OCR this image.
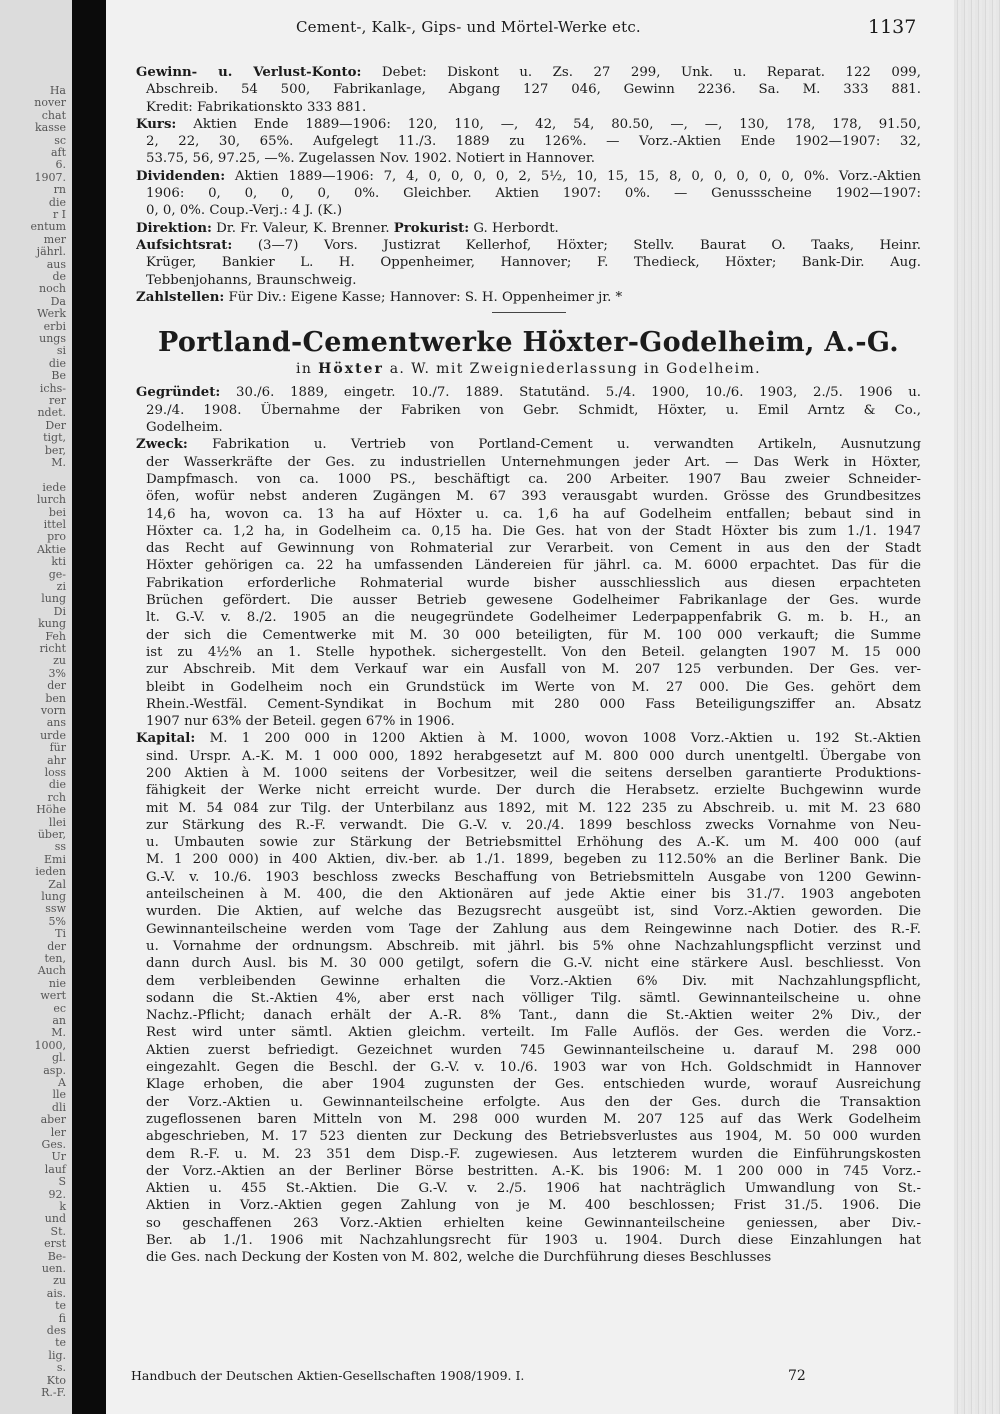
Ha
nover
chat
kasse
sc
aft
6.
1907.
rn
die
r I
entum
mer
jährl.
aus
de
noch
Da
Werk
erbi
ungs
si
die
Be
ichs-
rer
ndet.
Der
tigt,
ber,
M.
iede
lurch
bei
ittel
pro
Aktie
kti
ge-
zi
lung
Di
kung
Feh
richt
zu
3%
der
ben
vorn
ans
urde
für
ahr
loss
die
rch
Höhe
llei
über,
ss
Emi
ieden
Zal
lung
ssw
5%
Ti
der
ten,
Auch
nie
wert
ec
an
M.
1000,
gl.
asp.
A
lle
dli
aber
ler
Ges.
Ur
lauf
S
92.
k
und
St.
erst
Be-
uen.
zu
ais.
te
fi
des
te
lig.
s.
Kto
R.-F.
Cement-, Kalk-, Gips- und Mörtel-Werke etc.	1137
Gewinn- u. Verlust-Konto: Debet: Diskont u. Zs. 27 299, Unk. u. Reparat. 122 099,
Abschreib. 54 500, Fabrikanlage, Abgang 127 046, Gewinn 2236. Sa. M. 333 881.
Kredit: Fabrikationskto 333 881.
Kurs: Aktien Ende 1889—1906: 120, 110, —, 42, 54, 80.50, —, —, 130, 178, 178, 91.50,
2, 22, 30, 65%. Aufgelegt 11./3. 1889 zu 126%. — Vorz.-Aktien Ende 1902—1907: 32,
53.75, 56, 97.25, —%. Zugelassen Nov. 1902. Notiert in Hannover.
Dividenden: Aktien 1889—1906: 7, 4, 0, 0, 0, 0, 2, 5½, 10, 15, 15, 8, 0, 0, 0, 0, 0, 0%. Vorz.-Aktien
1906: 0, 0, 0, 0, 0%. Gleichber. Aktien 1907: 0%. — Genussscheine 1902—1907:
0, 0, 0%. Coup.-Verj.: 4 J. (K.)
Direktion: Dr. Fr. Valeur, K. Brenner. Prokurist: G. Herbordt.
Aufsichtsrat: (3—7) Vors. Justizrat Kellerhof, Höxter; Stellv. Baurat O. Taaks, Heinr.
Krüger, Bankier L. H. Oppenheimer, Hannover; F. Thedieck, Höxter; Bank-Dir. Aug.
Tebbenjohanns, Braunschweig.
Zahlstellen: Für Div.: Eigene Kasse; Hannover: S. H. Oppenheimer jr. *
Portland-Cementwerke Höxter-Godelheim, A.-G.
in Höxter a. W. mit Zweigniederlassung in Godelheim.
Gegründet: 30./6. 1889, eingetr. 10./7. 1889. Statutänd. 5./4. 1900, 10./6. 1903, 2./5. 1906 u.
29./4. 1908. Übernahme der Fabriken von Gebr. Schmidt, Höxter, u. Emil Arntz & Co.,
Godelheim.
Zweck: Fabrikation u. Vertrieb von Portland-Cement u. verwandten Artikeln, Ausnutzung
der Wasserkräfte der Ges. zu industriellen Unternehmungen jeder Art. — Das Werk in Höxter,
Dampfmasch. von ca. 1000 PS., beschäftigt ca. 200 Arbeiter. 1907 Bau zweier Schneider-
öfen, wofür nebst anderen Zugängen M. 67 393 verausgabt wurden. Grösse des Grundbesitzes
14,6 ha, wovon ca. 13 ha auf Höxter u. ca. 1,6 ha auf Godelheim entfallen; bebaut sind in
Höxter ca. 1,2 ha, in Godelheim ca. 0,15 ha. Die Ges. hat von der Stadt Höxter bis zum 1./1. 1947
das Recht auf Gewinnung von Rohmaterial zur Verarbeit. von Cement in aus den der Stadt
Höxter gehörigen ca. 22 ha umfassenden Ländereien für jährl. ca. M. 6000 erpachtet. Das für die
Fabrikation erforderliche Rohmaterial wurde bisher ausschliesslich aus diesen erpachteten
Brüchen gefördert. Die ausser Betrieb gewesene Godelheimer Fabrikanlage der Ges. wurde
lt. G.-V. v. 8./2. 1905 an die neugegründete Godelheimer Lederpappenfabrik G. m. b. H., an
der sich die Cementwerke mit M. 30 000 beteiligten, für M. 100 000 verkauft; die Summe
ist zu 4½% an 1. Stelle hypothek. sichergestellt. Von den Beteil. gelangten 1907 M. 15 000
zur Abschreib. Mit dem Verkauf war ein Ausfall von M. 207 125 verbunden. Der Ges. ver-
bleibt in Godelheim noch ein Grundstück im Werte von M. 27 000. Die Ges. gehört dem
Rhein.-Westfäl. Cement-Syndikat in Bochum mit 280 000 Fass Beteiligungsziffer an. Absatz
1907 nur 63% der Beteil. gegen 67% in 1906.
Kapital: M. 1 200 000 in 1200 Aktien à M. 1000, wovon 1008 Vorz.-Aktien u. 192 St.-Aktien
sind. Urspr. A.-K. M. 1 000 000, 1892 herabgesetzt auf M. 800 000 durch unentgeltl. Übergabe von
200 Aktien à M. 1000 seitens der Vorbesitzer, weil die seitens derselben garantierte Produktions-
fähigkeit der Werke nicht erreicht wurde. Der durch die Herabsetz. erzielte Buchgewinn wurde
mit M. 54 084 zur Tilg. der Unterbilanz aus 1892, mit M. 122 235 zu Abschreib. u. mit M. 23 680
zur Stärkung des R.-F. verwandt. Die G.-V. v. 20./4. 1899 beschloss zwecks Vornahme von Neu-
u. Umbauten sowie zur Stärkung der Betriebsmittel Erhöhung des A.-K. um M. 400 000 (auf
M. 1 200 000) in 400 Aktien, div.-ber. ab 1./1. 1899, begeben zu 112.50% an die Berliner Bank. Die
G.-V. v. 10./6. 1903 beschloss zwecks Beschaffung von Betriebsmitteln Ausgabe von 1200 Gewinn-
anteilscheinen à M. 400, die den Aktionären auf jede Aktie einer bis 31./7. 1903 angeboten
wurden. Die Aktien, auf welche das Bezugsrecht ausgeübt ist, sind Vorz.-Aktien geworden. Die
Gewinnanteilscheine werden vom Tage der Zahlung aus dem Reingewinne nach Dotier. des R.-F.
u. Vornahme der ordnungsm. Abschreib. mit jährl. bis 5% ohne Nachzahlungspflicht verzinst und
dann durch Ausl. bis M. 30 000 getilgt, sofern die G.-V. nicht eine stärkere Ausl. beschliesst. Von
dem verbleibenden Gewinne erhalten die Vorz.-Aktien 6% Div. mit Nachzahlungspflicht,
sodann die St.-Aktien 4%, aber erst nach völliger Tilg. sämtl. Gewinnanteilscheine u. ohne
Nachz.-Pflicht; danach erhält der A.-R. 8% Tant., dann die St.-Aktien weiter 2% Div., der
Rest wird unter sämtl. Aktien gleichm. verteilt. Im Falle Auflös. der Ges. werden die Vorz.-
Aktien zuerst befriedigt. Gezeichnet wurden 745 Gewinnanteilscheine u. darauf M. 298 000
eingezahlt. Gegen die Beschl. der G.-V. v. 10./6. 1903 war von Hch. Goldschmidt in Hannover
Klage erhoben, die aber 1904 zugunsten der Ges. entschieden wurde, worauf Ausreichung
der Vorz.-Aktien u. Gewinnanteilscheine erfolgte. Aus den der Ges. durch die Transaktion
zugeflossenen baren Mitteln von M. 298 000 wurden M. 207 125 auf das Werk Godelheim
abgeschrieben, M. 17 523 dienten zur Deckung des Betriebsverlustes aus 1904, M. 50 000 wurden
dem R.-F. u. M. 23 351 dem Disp.-F. zugewiesen. Aus letzterem wurden die Einführungskosten
der Vorz.-Aktien an der Berliner Börse bestritten. A.-K. bis 1906: M. 1 200 000 in 745 Vorz.-
Aktien u. 455 St.-Aktien. Die G.-V. v. 2./5. 1906 hat nachträglich Umwandlung von St.-
Aktien in Vorz.-Aktien gegen Zahlung von je M. 400 beschlossen; Frist 31./5. 1906. Die
so geschaffenen 263 Vorz.-Aktien erhielten keine Gewinnanteilscheine geniessen, aber Div.-
Ber. ab 1./1. 1906 mit Nachzahlungsrecht für 1903 u. 1904. Durch diese Einzahlungen hat
die Ges. nach Deckung der Kosten von M. 802, welche die Durchführung dieses Beschlusses
Handbuch der Deutschen Aktien-Gesellschaften 1908/1909. I.	72
